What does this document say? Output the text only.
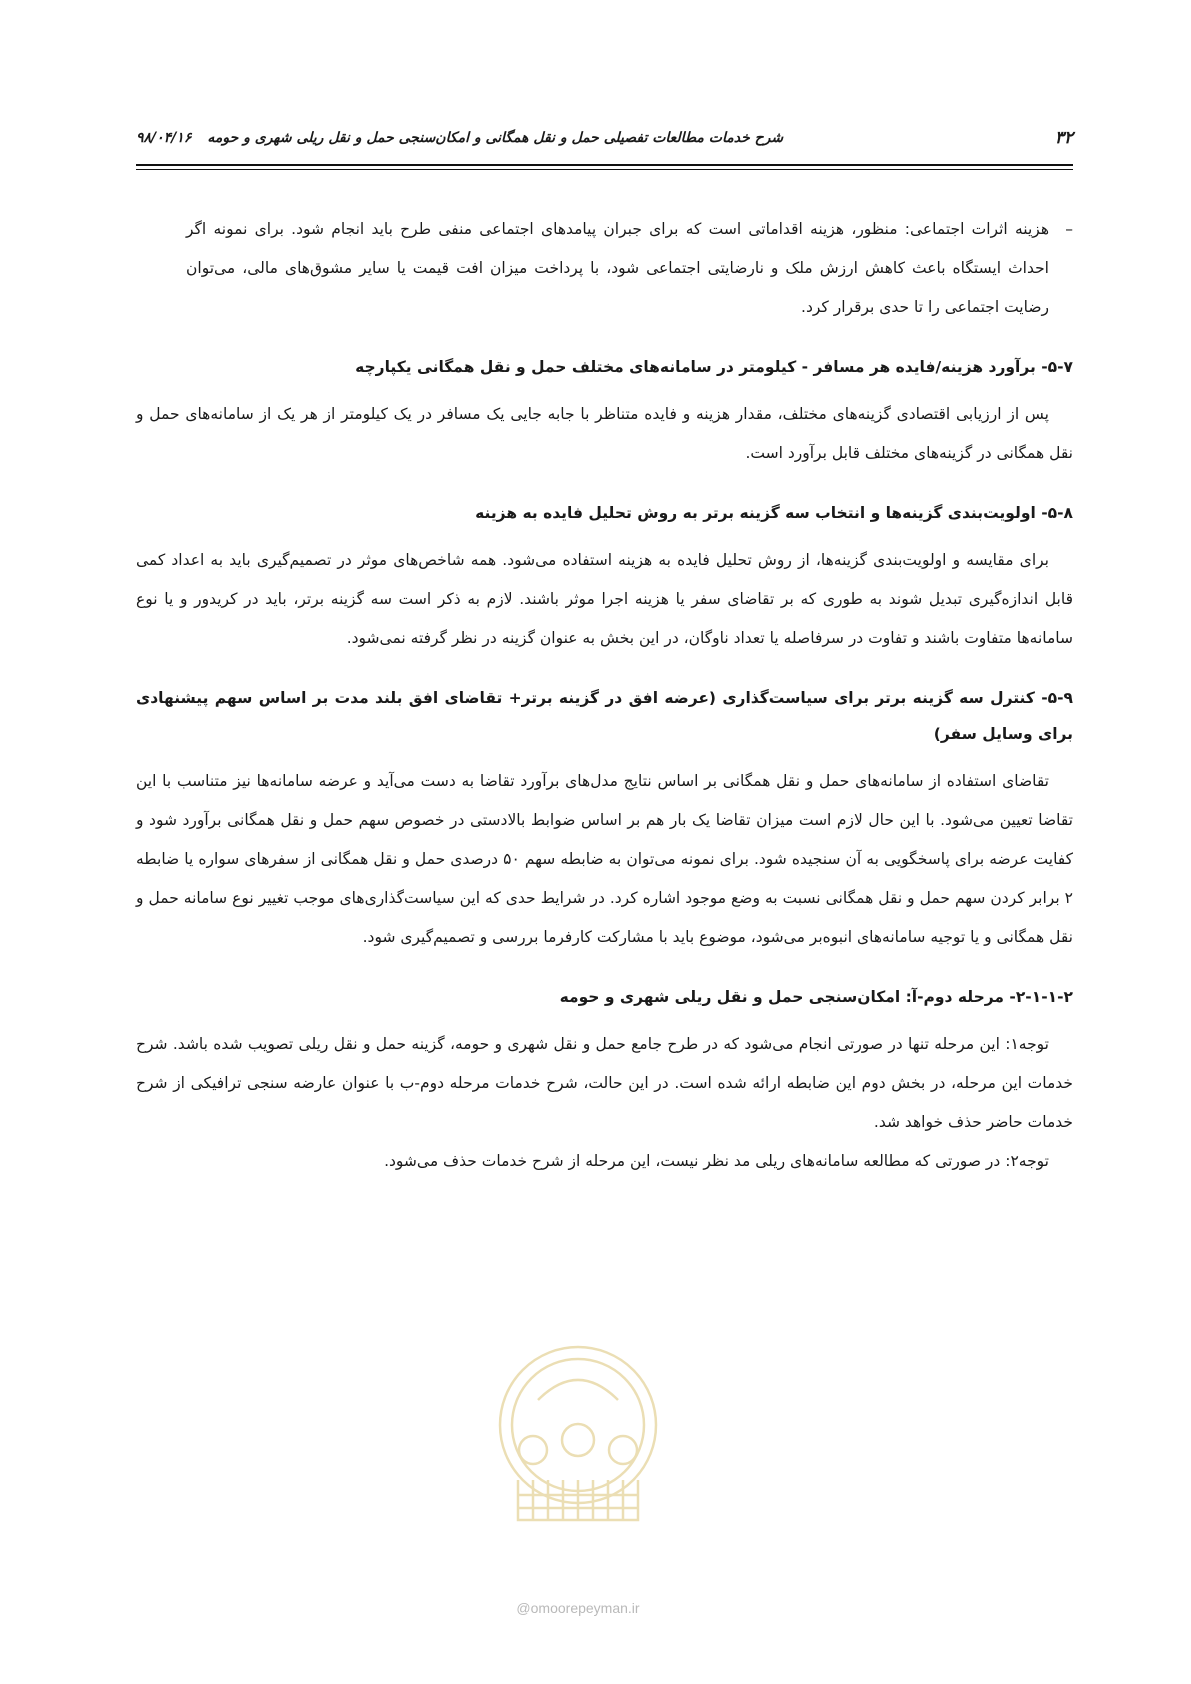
۳۲
شرح خدمات مطالعات تفصیلی حمل و نقل همگانی و امکان‌سنجی حمل و نقل ریلی شهری و حومه
۹۸/۰۴/۱۶
–

هزینه اثرات اجتماعی: منظور، هزینه اقداماتی است که برای جبران پیامدهای اجتماعی منفی طرح باید انجام شود. برای نمونه اگر احداث ایستگاه باعث کاهش ارزش ملک و نارضایتی اجتماعی شود، با پرداخت میزان افت قیمت یا سایر مشوق‌های مالی، می‌توان رضایت اجتماعی را تا حدی برقرار کرد.

۵-۷- برآورد هزینه/فایده هر مسافر - کیلومتر در سامانه‌های مختلف حمل و نقل همگانی یکپارچه

پس از ارزیابی اقتصادی گزینه‌های مختلف، مقدار هزینه و فایده متناظر با جابه جایی یک مسافر در یک کیلومتر از هر یک از سامانه‌های حمل و نقل همگانی در گزینه‌های مختلف قابل برآورد است.

۵-۸- اولویت‌بندی گزینه‌ها و انتخاب سه گزینه برتر به روش تحلیل فایده به هزینه

برای مقایسه و اولویت‌بندی گزینه‌ها، از روش تحلیل فایده به هزینه استفاده می‌شود. همه شاخص‌های موثر در تصمیم‌گیری باید به اعداد کمی قابل اندازه‌گیری تبدیل شوند به طوری که بر تقاضای سفر یا هزینه اجرا موثر باشند. لازم به ذکر است سه گزینه برتر، باید در کریدور و یا نوع سامانه‌ها متفاوت باشند و تفاوت در سرفاصله یا تعداد ناوگان، در این بخش به عنوان گزینه در نظر گرفته نمی‌شود.

۵-۹- کنترل سه گزینه برتر برای سیاست‌گذاری (عرضه افق در گزینه برتر+ تقاضای افق بلند مدت بر اساس سهم پیشنهادی برای وسایل سفر)

تقاضای استفاده از سامانه‌های حمل و نقل همگانی بر اساس نتایج مدل‌های برآورد تقاضا به دست می‌آید و عرضه سامانه‌ها نیز متناسب با این تقاضا تعیین می‌شود. با این حال لازم است میزان تقاضا یک بار هم بر اساس ضوابط بالادستی در خصوص سهم حمل و نقل همگانی برآورد شود و کفایت عرضه برای پاسخگویی به آن سنجیده شود. برای نمونه می‌توان به ضابطه سهم ۵۰ درصدی حمل و نقل همگانی از سفرهای سواره یا ضابطه ۲ برابر کردن سهم حمل و نقل همگانی نسبت به وضع موجود اشاره کرد. در شرایط حدی که این سیاست‌گذاری‌های موجب تغییر نوع سامانه حمل و نقل همگانی و یا توجیه سامانه‌های انبوه‌بر می‌شود، موضوع باید با مشارکت کارفرما بررسی و تصمیم‌گیری شود.

۲-۱-۱-۲- مرحله دوم-آ: امکان‌سنجی حمل و نقل ریلی شهری و حومه

توجه۱: این مرحله تنها در صورتی انجام می‌شود که در طرح جامع حمل و نقل شهری و حومه، گزینه حمل و نقل ریلی تصویب شده باشد. شرح خدمات این مرحله، در بخش دوم این ضابطه ارائه شده است. در این حالت، شرح خدمات مرحله دوم-ب با عنوان عارضه سنجی ترافیکی از شرح خدمات حاضر حذف خواهد شد.

توجه۲: در صورتی که مطالعه سامانه‌های ریلی مد نظر نیست، این مرحله از شرح خدمات حذف می‌شود.

@omoorepeyman.ir
